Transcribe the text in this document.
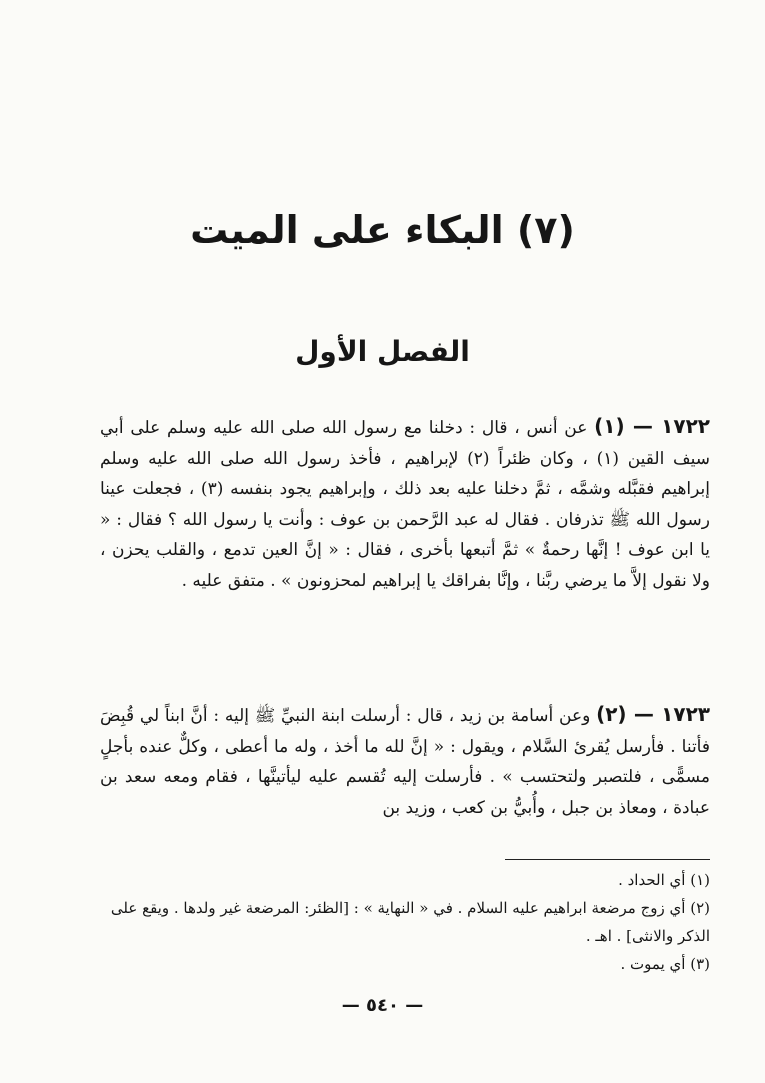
(٧) البكاء على الميت
الفصل الأول

١٧٢٢ — (١) عن أنس ، قال : دخلنا مع رسول الله صلى الله عليه وسلم على أبي سيف القين (١) ، وكان ظئراً (٢) لإبراهيم ، فأخذ رسول الله صلى الله عليه وسلم إبراهيم فقبَّله وشمَّه ، ثمَّ دخلنا عليه بعد ذلك ، وإبراهيم يجود بنفسه (٣) ، فجعلت عينا رسول الله ﷺ تذرفان . فقال له عبد الرَّحمن بن عوف : وأنت يا رسول الله ؟ فقال : « يا ابن عوف ! إنَّها رحمةٌ » ثمَّ أتبعها بأخرى ، فقال : « إنَّ العين تدمع ، والقلب يحزن ، ولا نقول إلاَّ ما يرضي ربَّنا ، وإنَّا بفراقك يا إبراهيم لمحزونون » . متفق عليه .

١٧٢٣ — (٢) وعن أسامة بن زيد ، قال : أرسلت ابنة النبيِّ ﷺ إليه : أنَّ ابناً لي قُبِضَ فأتنا . فأرسل يُقرئ السَّلام ، ويقول : « إنَّ لله ما أخذ ، وله ما أعطى ، وكلٌّ عنده بأجلٍ مسمًّى ، فلتصبر ولتحتسب » . فأرسلت إليه تُقسم عليه ليأتينَّها ، فقام ومعه سعد بن عبادة ، ومعاذ بن جبل ، وأُبيُّ بن كعب ، وزيد بن

(١) أي الحداد .

(٢) أي زوج مرضعة ابراهيم عليه السلام . في « النهاية » : [الظئر: المرضعة غير ولدها . ويقع على الذكر والانثى] . اهـ .

(٣) أي يموت .

— ٥٤٠ —
